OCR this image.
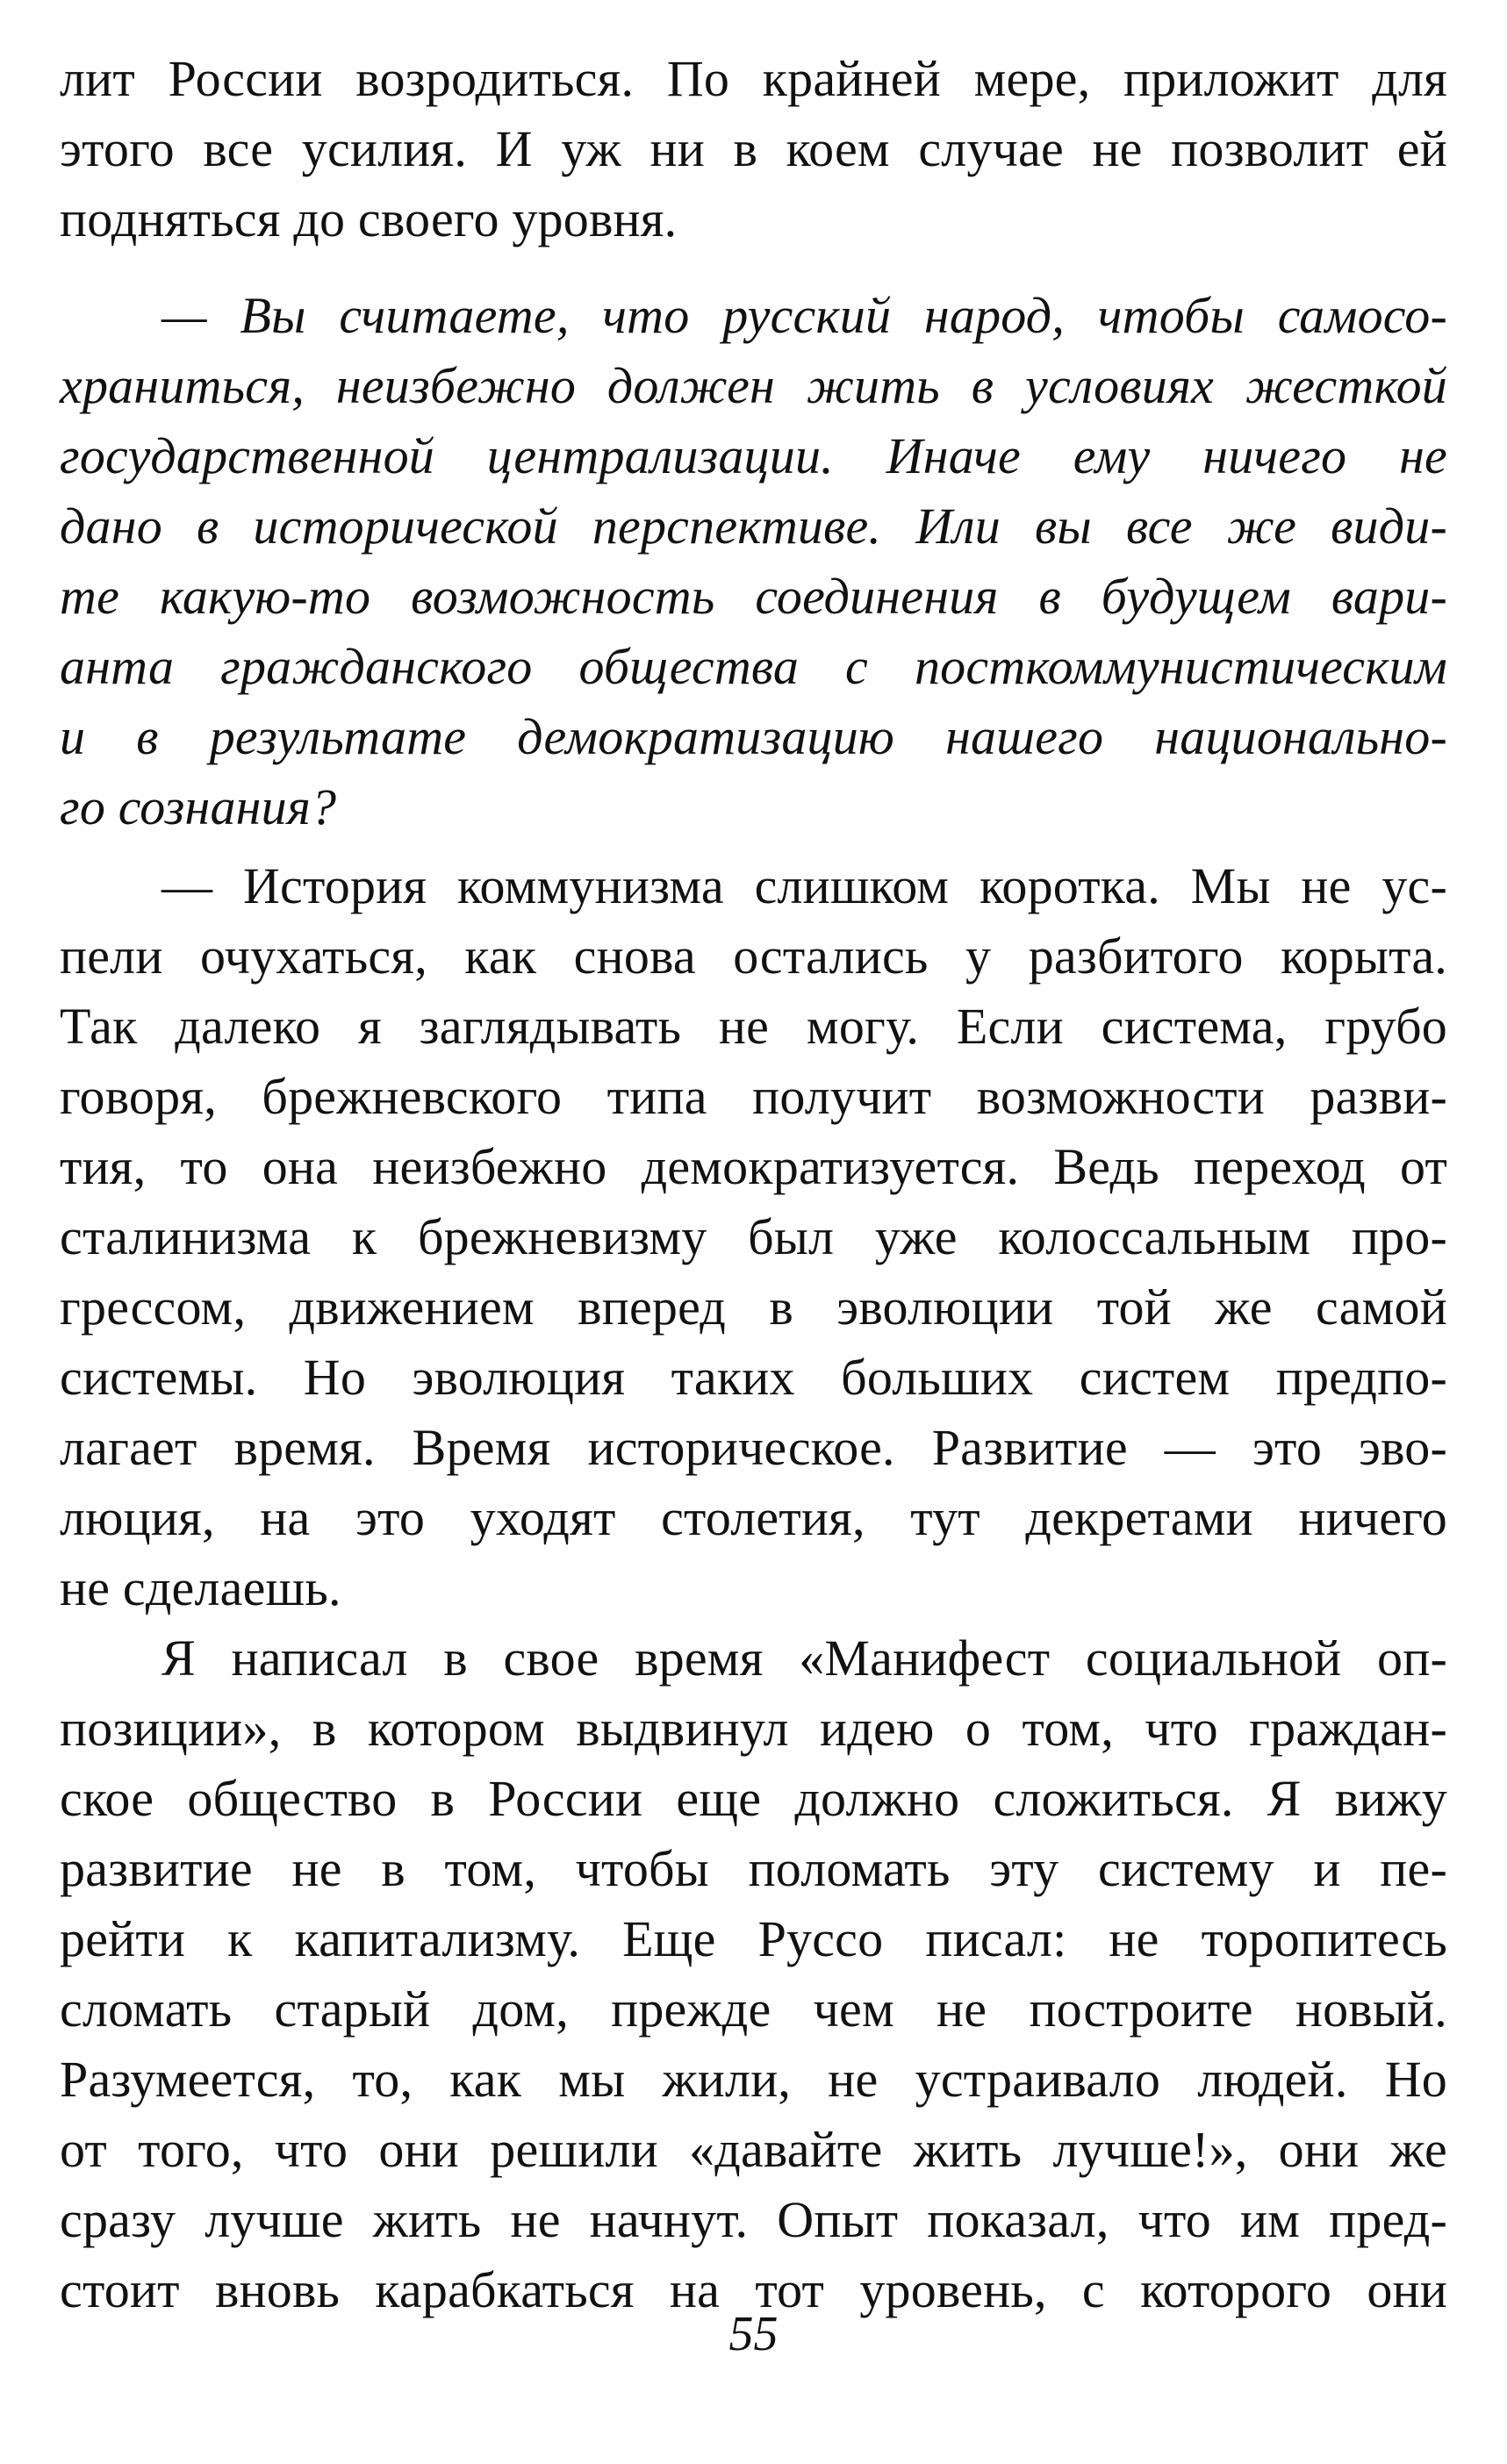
лит России возродиться. По крайней мере, приложит для
этого все усилия. И уж ни в коем случае не позволит ей
подняться до своего уровня.
— Вы считаете, что русский народ, чтобы самосо-
храниться, неизбежно должен жить в условиях жесткой
государственной централизации. Иначе ему ничего не
дано в исторической перспективе. Или вы все же види-
те какую-то возможность соединения в будущем вари-
анта гражданского общества с посткоммунистическим
и в результате демократизацию нашего национально-
го сознания?
— История коммунизма слишком коротка. Мы не ус-
пели очухаться, как снова остались у разбитого корыта.
Так далеко я заглядывать не могу. Если система, грубо
говоря, брежневского типа получит возможности разви-
тия, то она неизбежно демократизуется. Ведь переход от
сталинизма к брежневизму был уже колоссальным про-
грессом, движением вперед в эволюции той же самой
системы. Но эволюция таких больших систем предпо-
лагает время. Время историческое. Развитие — это эво-
люция, на это уходят столетия, тут декретами ничего
не сделаешь.
Я написал в свое время «Манифест социальной оп-
позиции», в котором выдвинул идею о том, что граждан-
ское общество в России еще должно сложиться. Я вижу
развитие не в том, чтобы поломать эту систему и пе-
рейти к капитализму. Еще Руссо писал: не торопитесь
сломать старый дом, прежде чем не построите новый.
Разумеется, то, как мы жили, не устраивало людей. Но
от того, что они решили «давайте жить лучше!», они же
сразу лучше жить не начнут. Опыт показал, что им пред-
стоит вновь карабкаться на тот уровень, с которого они
55
